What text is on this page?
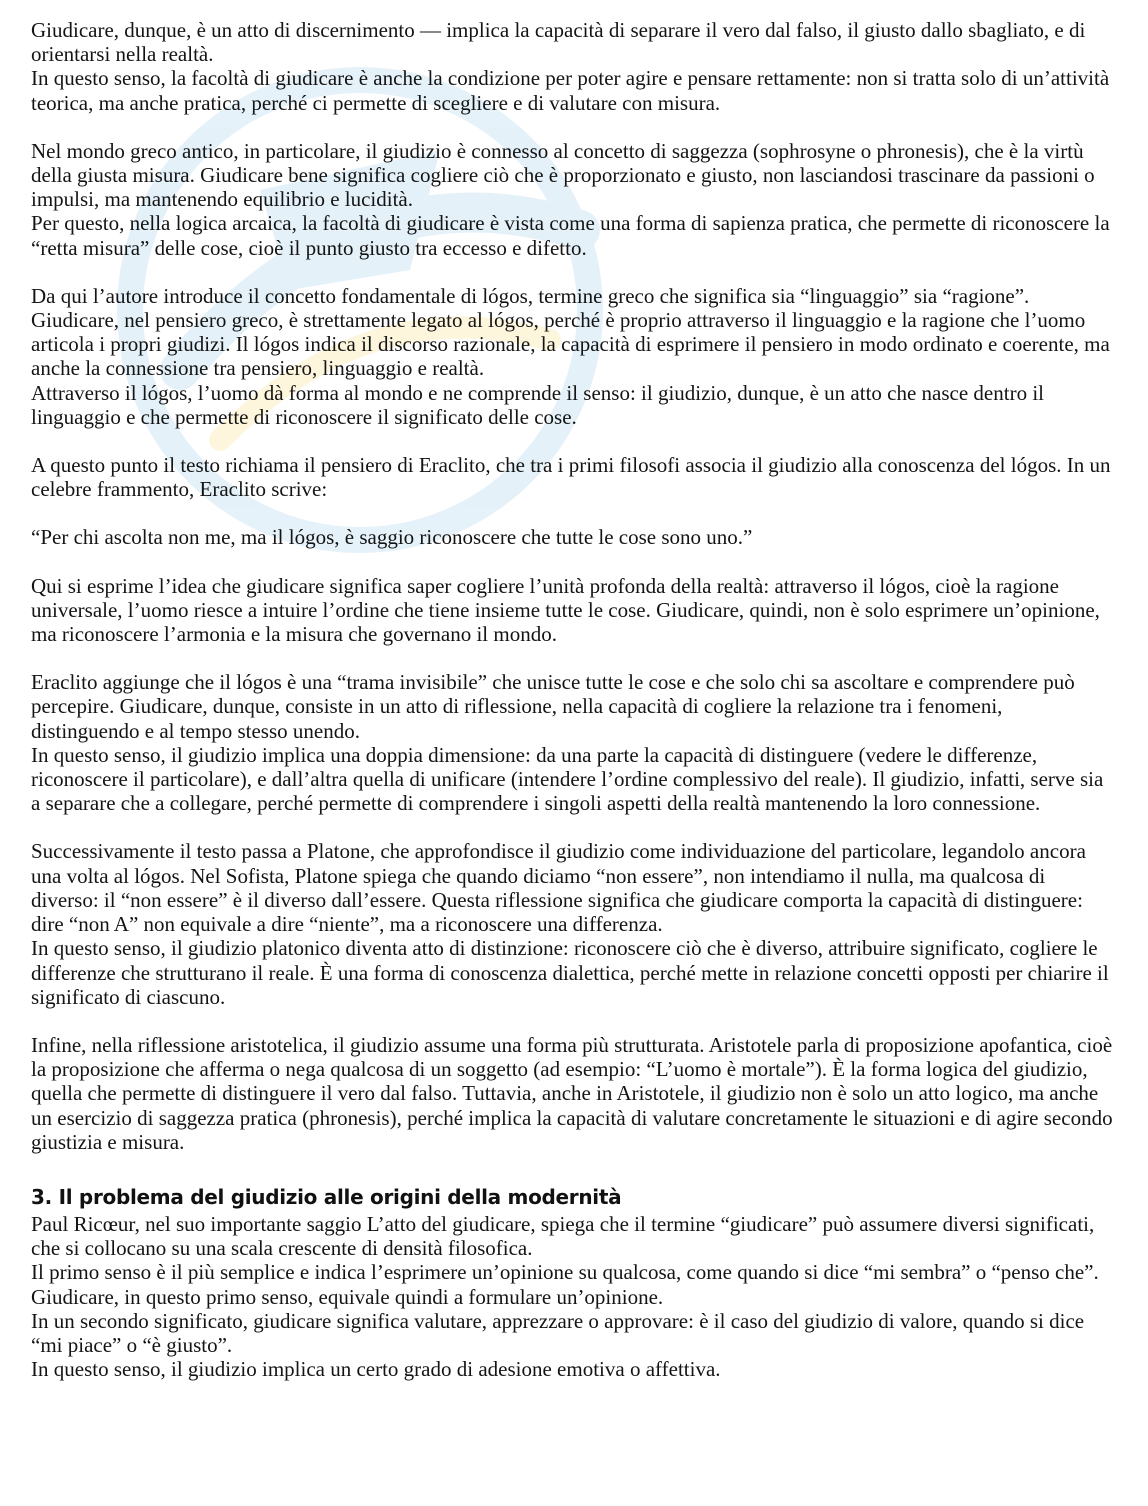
Giudicare, dunque, è un atto di discernimento — implica la capacità di separare il vero dal falso, il giusto dallo sbagliato, e di orientarsi nella realtà.

In questo senso, la facoltà di giudicare è anche la condizione per poter agire e pensare rettamente: non si tratta solo di un’attività teorica, ma anche pratica, perché ci permette di scegliere e di valutare con misura.

Nel mondo greco antico, in particolare, il giudizio è connesso al concetto di saggezza (sophrosyne o phronesis), che è la virtù della giusta misura. Giudicare bene significa cogliere ciò che è proporzionato e giusto, non lasciandosi trascinare da passioni o impulsi, ma mantenendo equilibrio e lucidità.

Per questo, nella logica arcaica, la facoltà di giudicare è vista come una forma di sapienza pratica, che permette di riconoscere la “retta misura” delle cose, cioè il punto giusto tra eccesso e difetto.

Da qui l’autore introduce il concetto fondamentale di lógos, termine greco che significa sia “linguaggio” sia “ragione”. Giudicare, nel pensiero greco, è strettamente legato al lógos, perché è proprio attraverso il linguaggio e la ragione che l’uomo articola i propri giudizi. Il lógos indica il discorso razionale, la capacità di esprimere il pensiero in modo ordinato e coerente, ma anche la connessione tra pensiero, linguaggio e realtà.

Attraverso il lógos, l’uomo dà forma al mondo e ne comprende il senso: il giudizio, dunque, è un atto che nasce dentro il linguaggio e che permette di riconoscere il significato delle cose.

A questo punto il testo richiama il pensiero di Eraclito, che tra i primi filosofi associa il giudizio alla conoscenza del lógos. In un celebre frammento, Eraclito scrive:

“Per chi ascolta non me, ma il lógos, è saggio riconoscere che tutte le cose sono uno.”

Qui si esprime l’idea che giudicare significa saper cogliere l’unità profonda della realtà: attraverso il lógos, cioè la ragione universale, l’uomo riesce a intuire l’ordine che tiene insieme tutte le cose. Giudicare, quindi, non è solo esprimere un’opinione, ma riconoscere l’armonia e la misura che governano il mondo.

Eraclito aggiunge che il lógos è una “trama invisibile” che unisce tutte le cose e che solo chi sa ascoltare e comprendere può percepire. Giudicare, dunque, consiste in un atto di riflessione, nella capacità di cogliere la relazione tra i fenomeni, distinguendo e al tempo stesso unendo.

In questo senso, il giudizio implica una doppia dimensione: da una parte la capacità di distinguere (vedere le differenze, riconoscere il particolare), e dall’altra quella di unificare (intendere l’ordine complessivo del reale). Il giudizio, infatti, serve sia a separare che a collegare, perché permette di comprendere i singoli aspetti della realtà mantenendo la loro connessione.

Successivamente il testo passa a Platone, che approfondisce il giudizio come individuazione del particolare, legandolo ancora una volta al lógos. Nel Sofista, Platone spiega che quando diciamo “non essere”, non intendiamo il nulla, ma qualcosa di diverso: il “non essere” è il diverso dall’essere. Questa riflessione significa che giudicare comporta la capacità di distinguere: dire “non A” non equivale a dire “niente”, ma a riconoscere una differenza.

In questo senso, il giudizio platonico diventa atto di distinzione: riconoscere ciò che è diverso, attribuire significato, cogliere le differenze che strutturano il reale. È una forma di conoscenza dialettica, perché mette in relazione concetti opposti per chiarire il significato di ciascuno.

Infine, nella riflessione aristotelica, il giudizio assume una forma più strutturata. Aristotele parla di proposizione apofantica, cioè la proposizione che afferma o nega qualcosa di un soggetto (ad esempio: “L’uomo è mortale”). È la forma logica del giudizio, quella che permette di distinguere il vero dal falso. Tuttavia, anche in Aristotele, il giudizio non è solo un atto logico, ma anche un esercizio di saggezza pratica (phronesis), perché implica la capacità di valutare concretamente le situazioni e di agire secondo giustizia e misura.

3. Il problema del giudizio alle origini della modernità

Paul Ricœur, nel suo importante saggio L’atto del giudicare, spiega che il termine “giudicare” può assumere diversi significati, che si collocano su una scala crescente di densità filosofica.

Il primo senso è il più semplice e indica l’esprimere un’opinione su qualcosa, come quando si dice “mi sembra” o “penso che”. Giudicare, in questo primo senso, equivale quindi a formulare un’opinione.

In un secondo significato, giudicare significa valutare, apprezzare o approvare: è il caso del giudizio di valore, quando si dice “mi piace” o “è giusto”.

In questo senso, il giudizio implica un certo grado di adesione emotiva o affettiva.
